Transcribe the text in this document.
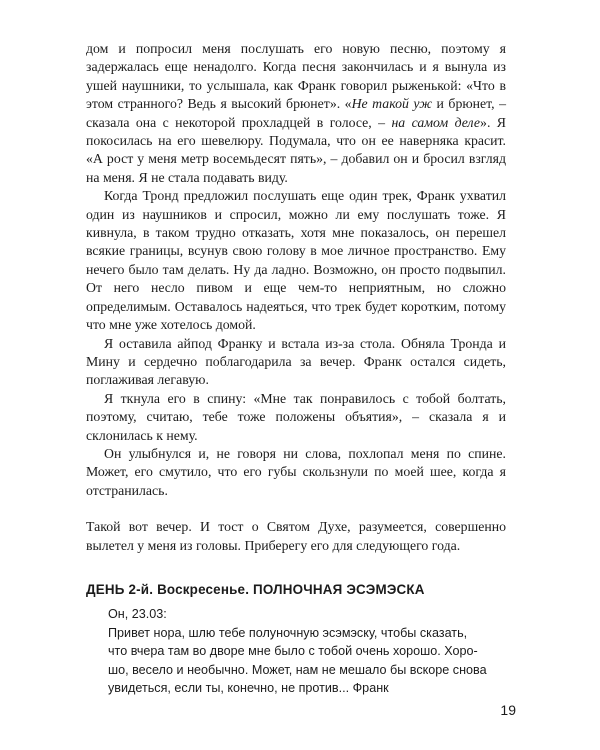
дом и попросил меня послушать его новую песню, поэтому я задержалась еще ненадолго. Когда песня закончилась и я вынула из ушей наушники, то услышала, как Франк говорил рыженькой: «Что в этом странного? Ведь я высокий брюнет». «Не такой уж и брюнет, – сказала она с некоторой прохладцей в голосе, – на самом деле». Я покосилась на его шевелюру. Подумала, что он ее наверняка красит. «А рост у меня метр восемьдесят пять», – добавил он и бросил взгляд на меня. Я не стала подавать виду.

Когда Тронд предложил послушать еще один трек, Франк ухватил один из наушников и спросил, можно ли ему послушать тоже. Я кивнула, в таком трудно отказать, хотя мне показалось, он перешел всякие границы, всунув свою голову в мое личное пространство. Ему нечего было там делать. Ну да ладно. Возможно, он просто подвыпил. От него несло пивом и еще чем-то неприятным, но сложно определимым. Оставалось надеяться, что трек будет коротким, потому что мне уже хотелось домой.

Я оставила айпод Франку и встала из-за стола. Обняла Тронда и Мину и сердечно поблагодарила за вечер. Франк остался сидеть, поглаживая легавую.

Я ткнула его в спину: «Мне так понравилось с тобой болтать, поэтому, считаю, тебе тоже положены объятия», – сказала я и склонилась к нему.

Он улыбнулся и, не говоря ни слова, похлопал меня по спине. Может, его смутило, что его губы скользнули по моей шее, когда я отстранилась.

Такой вот вечер. И тост о Святом Духе, разумеется, совершенно вылетел у меня из головы. Приберегу его для следующего года.

ДЕНЬ 2-й. Воскресенье. ПОЛНОЧНАЯ ЭСЭМЭСКА
Он, 23.03:
Привет нора, шлю тебе полуночную эсэмэску, чтобы сказать,
что вчера там во дворе мне было с тобой очень хорошо. Хоро-
шо, весело и необычно. Может, нам не мешало бы вскоре снова
увидеться, если ты, конечно, не против... Франк
19
